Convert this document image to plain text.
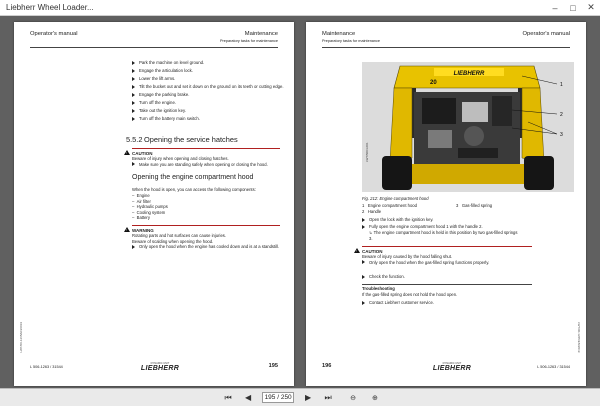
Liebherr Wheel Loader...	–	□	✕
Operator's manual	Maintenance
Preparatory tasks for maintenance
Park the machine on level ground.
Engage the articulation lock.
Lower the lift arms.
Tilt the bucket out and set it down on the ground on its teeth or cutting edge.
Engage the parking brake.
Turn off the engine.
Take out the ignition key.
Turn off the battery main switch.
5.5.2 Opening the service hatches
!
CAUTION
Beware of injury when opening and closing hatches.
Make sure you are standing safely when opening or closing the hood.
Opening the engine compartment hood
When the hood is open, you can access the following components:
–  Engine
–  Air filter
–  Hydraulic pumps
–  Cooling system
–  Battery
!
WARNING
Rotating parts and hot surfaces can cause injuries.
Beware of scalding when opening the hood.
Only open the hood when the engine has cooled down and is at a standstill.
LWT/00-1265/EN/2019
L 506-1263 / 31544
DYNAMIC UNIT
LIEBHERR	195
Maintenance
Preparatory tasks for maintenance
Operator's manual
LIEBHERR
20	1
2
3
LWT/5004-001
Fig. 212: Engine compartment hood
1 Engine compartment hood	3 Gas-filled spring
2 Handle
Open the lock with the ignition key.
Fully open the engine compartment hood 1 with the handle 2.
↳ The engine compartment hood is held in this position by two gas-filled springs 3.
!
CAUTION
Beware of injury caused by the hood falling shut.
Only open the hood when the gas-filled spring functions properly.
Check the function.
Troubleshooting
If the gas-filled spring does not hold the hood open.
Contact Liebherr customer service.
LWT/00-1265/EN/2019
196	DYNAMIC UNIT
LIEBHERR	L 506-1263 / 31544
⏮	◀	195 / 250	▶	⏭	⊖ ⊕
